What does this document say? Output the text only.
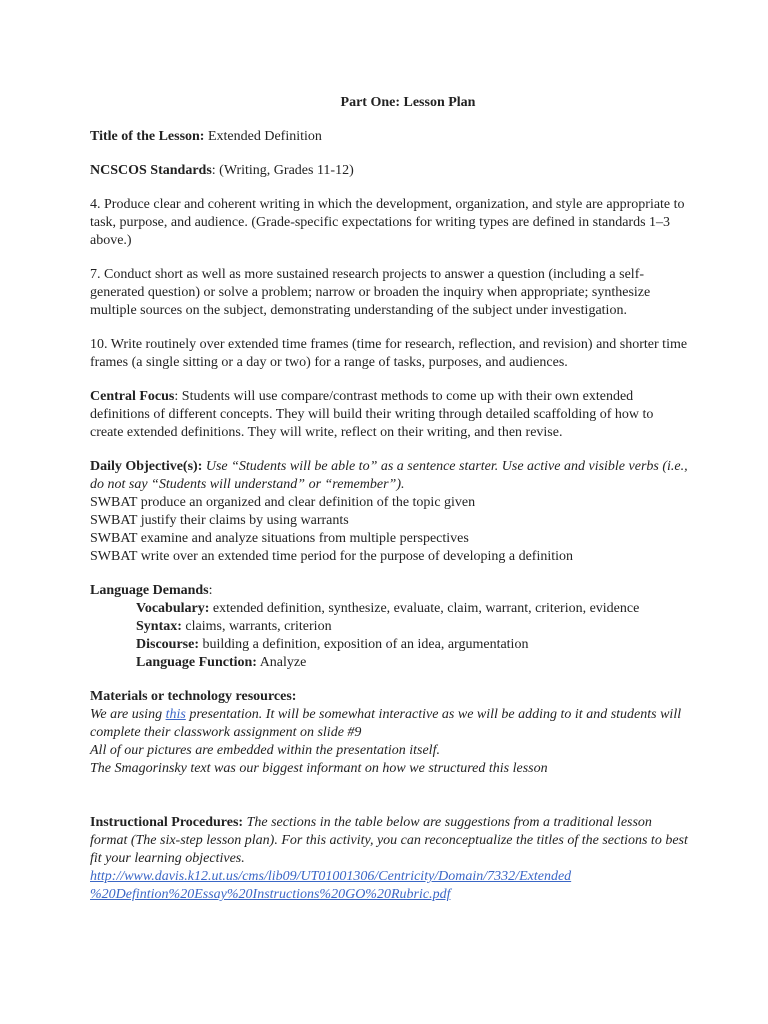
Part One: Lesson Plan

Title of the Lesson: Extended Definition

NCSCOS Standards: (Writing, Grades 11-12)

4. Produce clear and coherent writing in which the development, organization, and style are appropriate to task, purpose, and audience. (Grade-specific expectations for writing types are defined in standards 1–3 above.)

7. Conduct short as well as more sustained research projects to answer a question (including a self-generated question) or solve a problem; narrow or broaden the inquiry when appropriate; synthesize multiple sources on the subject, demonstrating understanding of the subject under investigation.

10. Write routinely over extended time frames (time for research, reflection, and revision) and shorter time frames (a single sitting or a day or two) for a range of tasks, purposes, and audiences.

Central Focus: Students will use compare/contrast methods to come up with their own extended definitions of different concepts. They will build their writing through detailed scaffolding of how to create extended definitions. They will write, reflect on their writing, and then revise.

Daily Objective(s): Use “Students will be able to” as a sentence starter. Use active and visible verbs (i.e., do not say “Students will understand” or “remember”).

SWBAT produce an organized and clear definition of the topic given

SWBAT justify their claims by using warrants

SWBAT examine and analyze situations from multiple perspectives

SWBAT write over an extended time period for the purpose of developing a definition

Language Demands:

Vocabulary: extended definition, synthesize, evaluate, claim, warrant, criterion, evidence

Syntax: claims, warrants, criterion

Discourse: building a definition, exposition of an idea, argumentation

Language Function: Analyze

Materials or technology resources:

We are using this presentation. It will be somewhat interactive as we will be adding to it and students will complete their classwork assignment on slide #9

All of our pictures are embedded within the presentation itself.

The Smagorinsky text was our biggest informant on how we structured this lesson

Instructional Procedures: The sections in the table below are suggestions from a traditional lesson format (The six-step lesson plan). For this activity, you can reconceptualize the titles of the sections to best fit your learning objectives.

http://www.davis.k12.ut.us/cms/lib09/UT01001306/Centricity/Domain/7332/Extended
%20Defintion%20Essay%20Instructions%20GO%20Rubric.pdf
